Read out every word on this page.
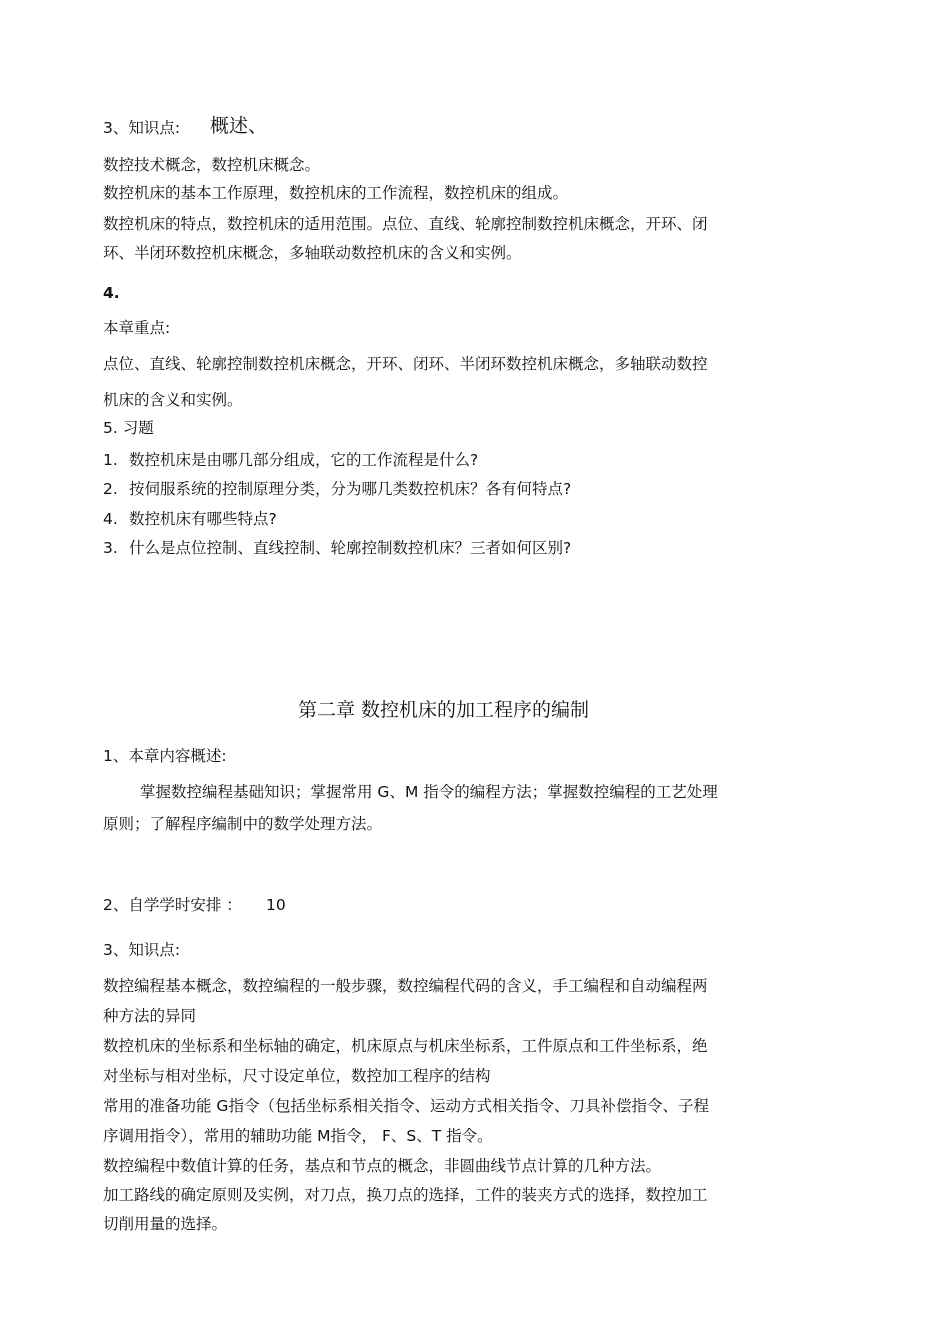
3、知识点: 概述、
数控技术概念，数控机床概念。
数控机床的基本工作原理，数控机床的工作流程，数控机床的组成。
数控机床的特点，数控机床的适用范围。点位、直线、轮廓控制数控机床概念，开环、闭
环、半闭环数控机床概念，多轴联动数控机床的含义和实例。
4.
本章重点:
点位、直线、轮廓控制数控机床概念，开环、闭环、半闭环数控机床概念，多轴联动数控
机床的含义和实例。
5. 习题
1. 数控机床是由哪几部分组成，它的工作流程是什么?
2. 按伺服系统的控制原理分类，分为哪几类数控机床？各有何特点?
4. 数控机床有哪些特点?
3. 什么是点位控制、直线控制、轮廓控制数控机床？三者如何区别?
第二章 数控机床的加工程序的编制
1、本章内容概述:
掌握数控编程基础知识；掌握常用 G、M 指令的编程方法；掌握数控编程的工艺处理
原则；了解程序编制中的数学处理方法。
2、自学学时安排 ： 10
3、知识点:
数控编程基本概念，数控编程的一般步骤，数控编程代码的含义，手工编程和自动编程两
种方法的异同
数控机床的坐标系和坐标轴的确定，机床原点与机床坐标系，工件原点和工件坐标系，绝
对坐标与相对坐标，尺寸设定单位，数控加工程序的结构
常用的准备功能 G指令（包括坐标系相关指令、运动方式相关指令、刀具补偿指令、子程
序调用指令），常用的辅助功能 M指令， F、S、T 指令。
数控编程中数值计算的任务，基点和节点的概念，非圆曲线节点计算的几种方法。
加工路线的确定原则及实例，对刀点，换刀点的选择，工件的装夹方式的选择，数控加工
切削用量的选择。
